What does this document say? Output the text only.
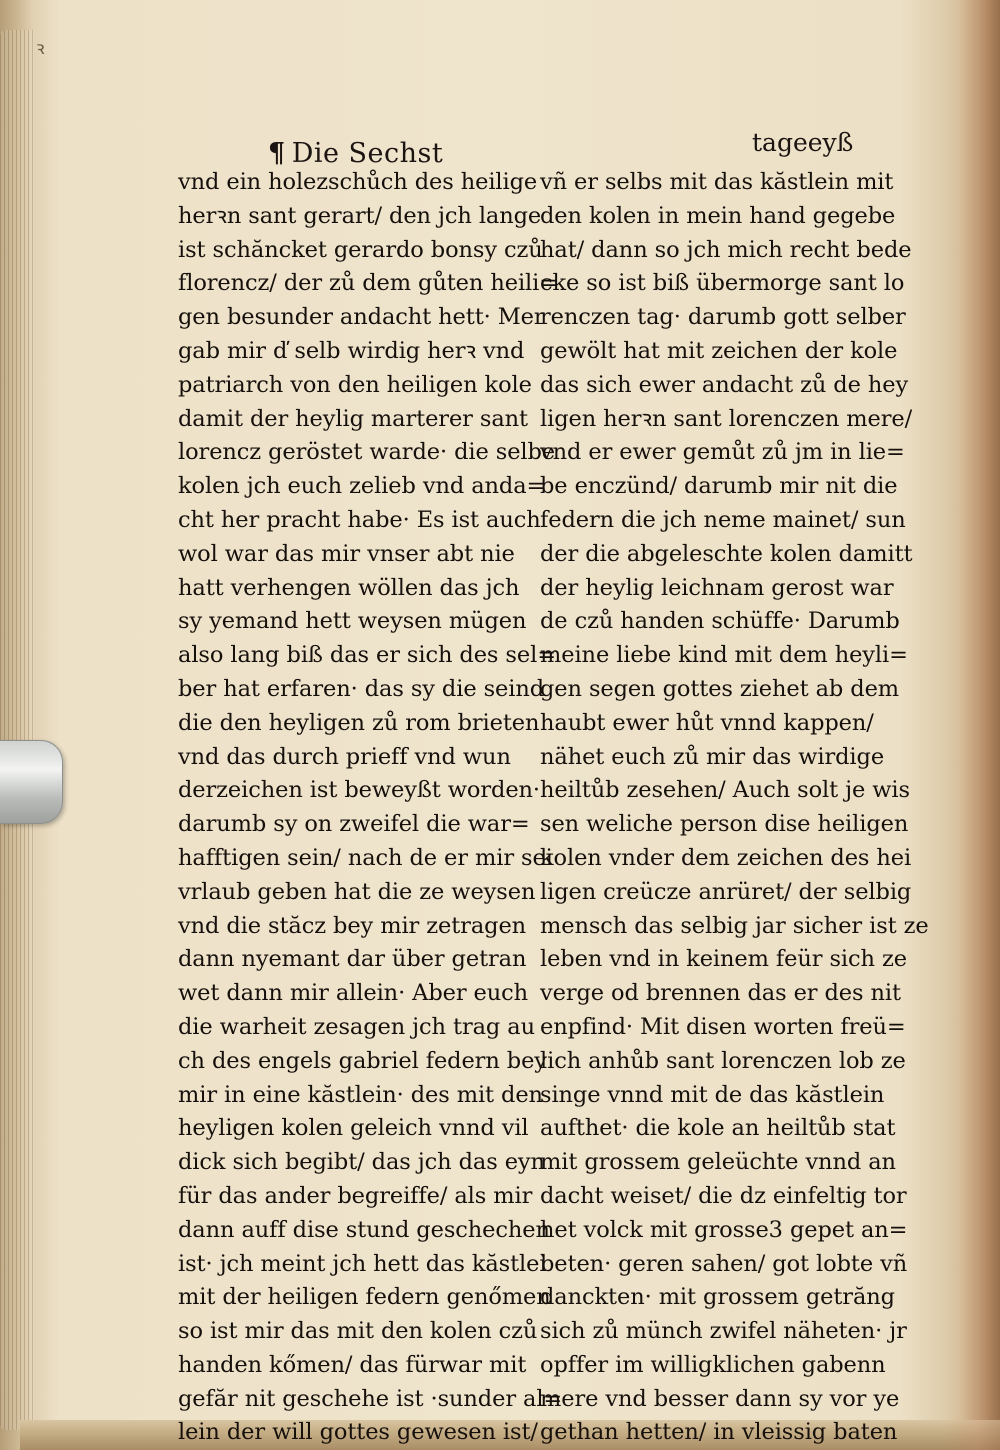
ꝛ
¶ Die Sechst	tageeyß
vnd ein holezschůch des heilige
herꝛn sant gerart/ den jch lange
ist schăncket gerardo bonsy czů
florencz/ der zů dem gůten heili=
gen besunder andacht hett· Mer
gab mir ď selb wirdig herꝛ vnd
patriarch von den heiligen kole
damit der heylig marterer sant
lorencz geröstet warde· die selbe
kolen jch euch zelieb vnd anda=
cht her pracht habe· Es ist auch
wol war das mir vnser abt nie
hatt verhengen wöllen das jch
sy yemand hett weysen mügen
also lang biß das er sich des sel=
ber hat erfaren· das sy die seind
die den heyligen zů rom brieten
vnd das durch prieff vnd wun
derzeichen ist beweyßt worden·
darumb sy on zweifel die war=
hafftigen sein/ nach de er mir sei
vrlaub geben hat die ze weysen
vnd die stăcz bey mir zetragen
dann nyemant dar über getran
wet dann mir allein· Aber euch
die warheit zesagen jch trag au
ch des engels gabriel federn bey
mir in eine kăstlein· des mit den
heyligen kolen geleich vnnd vil
dick sich begibt/ das jch das eyn
für das ander begreiffe/ als mir
dann auff dise stund geschechen
ist· jch meint jch hett das kăstlei
mit der heiligen federn genőmen
so ist mir das mit den kolen czů
handen kőmen/ das fürwar mit
gefăr nit geschehe ist ·sunder al=
lein der will gottes gewesen ist/
vñ er selbs mit das kăstlein mit
den kolen in mein hand gegebe
hat/ dann so jch mich recht bede
cke so ist biß übermorge sant lo
renczen tag· darumb gott selber
gewölt hat mit zeichen der kole
das sich ewer andacht zů de hey
ligen herꝛn sant lorenczen mere/
vnd er ewer gemůt zů jm in lie=
be enczünd/ darumb mir nit die
federn die jch neme mainet/ sun
der die abgeleschte kolen damitt
der heylig leichnam gerost war
de czů handen schüffe· Darumb
meine liebe kind mit dem heyli=
gen segen gottes ziehet ab dem
haubt ewer hůt vnnd kappen/
nähet euch zů mir das wirdige
heiltůb zesehen/ Auch solt je wis
sen weliche person dise heiligen
kolen vnder dem zeichen des hei
ligen creücze anrüret/ der selbig
mensch das selbig jar sicher ist ze
leben vnd in keinem feür sich ze
verge od brennen das er des nit
enpfind· Mit disen worten freü=
lich anhůb sant lorenczen lob ze
singe vnnd mit de das kăstlein
aufthet· die kole an heiltůb stat
mit grossem geleüchte vnnd an
dacht weiset/ die dz einfeltig tor
het volck mit grosse3 gepet an=
beten· geren sahen/ got lobte vñ
danckten· mit grossem getrăng
sich zů münch zwifel näheten· jr
opffer im willigklichen gabenn
mere vnd besser dann sy vor ye
gethan hetten/ in vleissig baten
